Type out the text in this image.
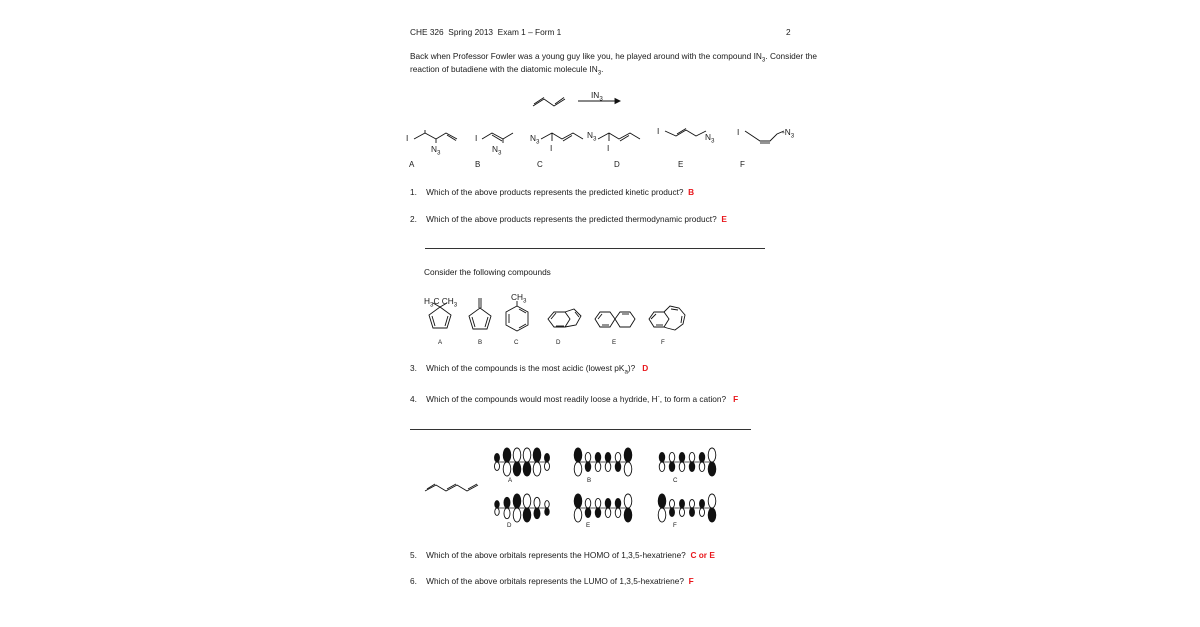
CHE 326 Spring 2013 Exam 1 – Form 1	2
Back when Professor Fowler was a young guy like you, he played around with the compound $IN_3$. Consider the
reaction of butadiene with the diatomic molecule $IN_3$.
$IN_3$
I
$N_3$
I
$N_3$
$N_3$
I
$N_3$
I
I
$N_3$
I	$-N_3$
A	B	C	D	E	F
1. Which of the above products represents the predicted kinetic product? B
2. Which of the above products represents the predicted thermodynamic product? E
Consider the following compounds
$H_3C$ $CH_3$
$CH_3$
A	B	C	D	E	F
3. Which of the compounds is the most acidic (lowest $pK_a$)? D
4. Which of the compounds would most readily loose a hydride, H-, to form a cation? F
A	B	C
D	E	F
5. Which of the above orbitals represents the HOMO of 1,3,5-hexatriene? C or E
6. Which of the above orbitals represents the LUMO of 1,3,5-hexatriene? F
